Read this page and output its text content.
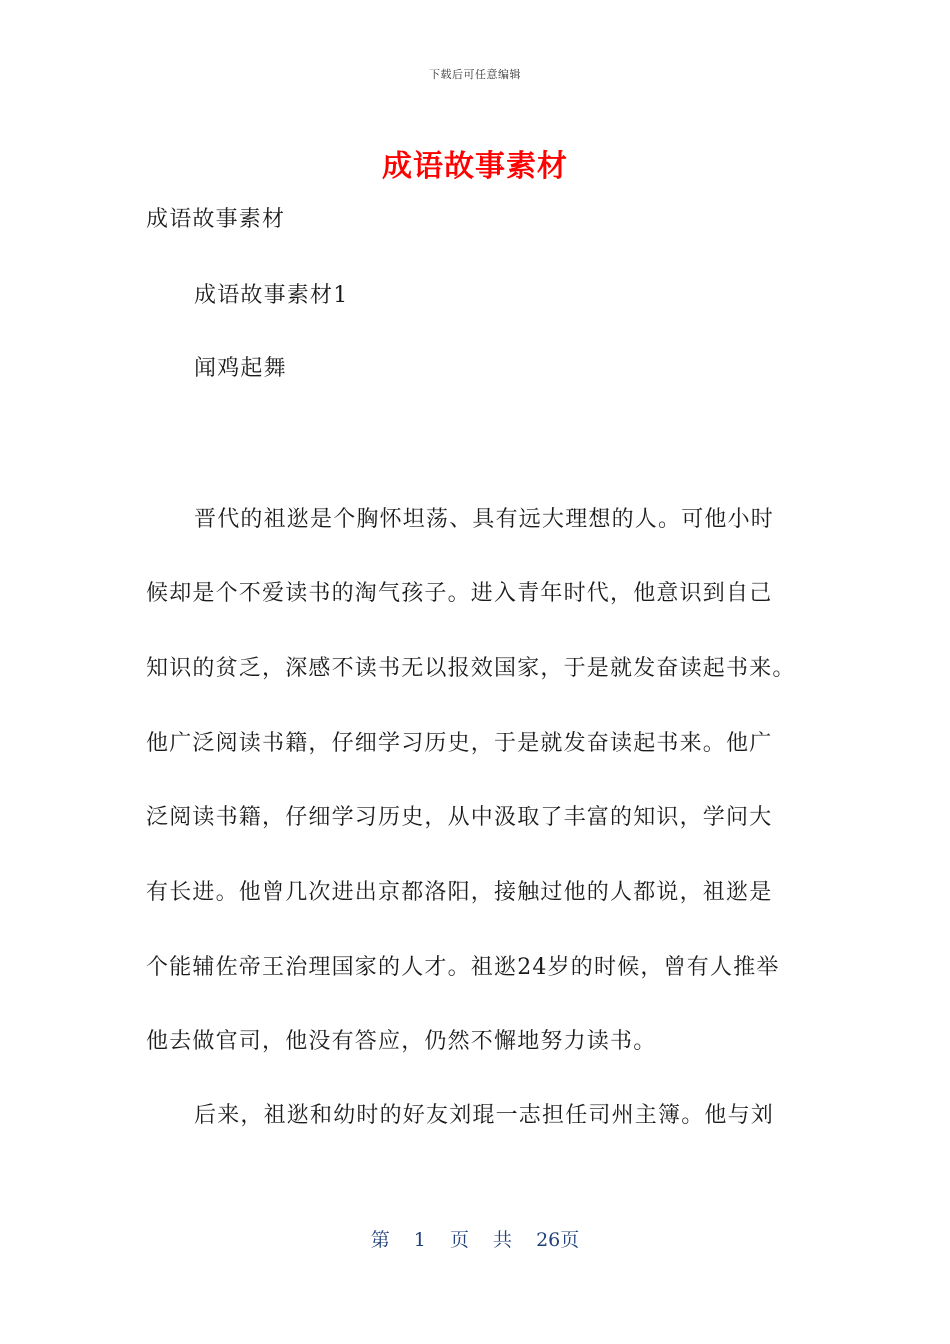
下载后可任意编辑
成语故事素材
成语故事素材
成语故事素材1
闻鸡起舞
晋代的祖逖是个胸怀坦荡、具有远大理想的人。可他小时
候却是个不爱读书的淘气孩子。进入青年时代，他意识到自己
知识的贫乏，深感不读书无以报效国家，于是就发奋读起书来。
他广泛阅读书籍，仔细学习历史，于是就发奋读起书来。他广
泛阅读书籍，仔细学习历史，从中汲取了丰富的知识，学问大
有长进。他曾几次进出京都洛阳，接触过他的人都说，祖逖是
个能辅佐帝王治理国家的人才。祖逖24岁的时候，曾有人推举
他去做官司，他没有答应，仍然不懈地努力读书。
后来，祖逖和幼时的好友刘琨一志担任司州主簿。他与刘
第 1 页 共 26页
